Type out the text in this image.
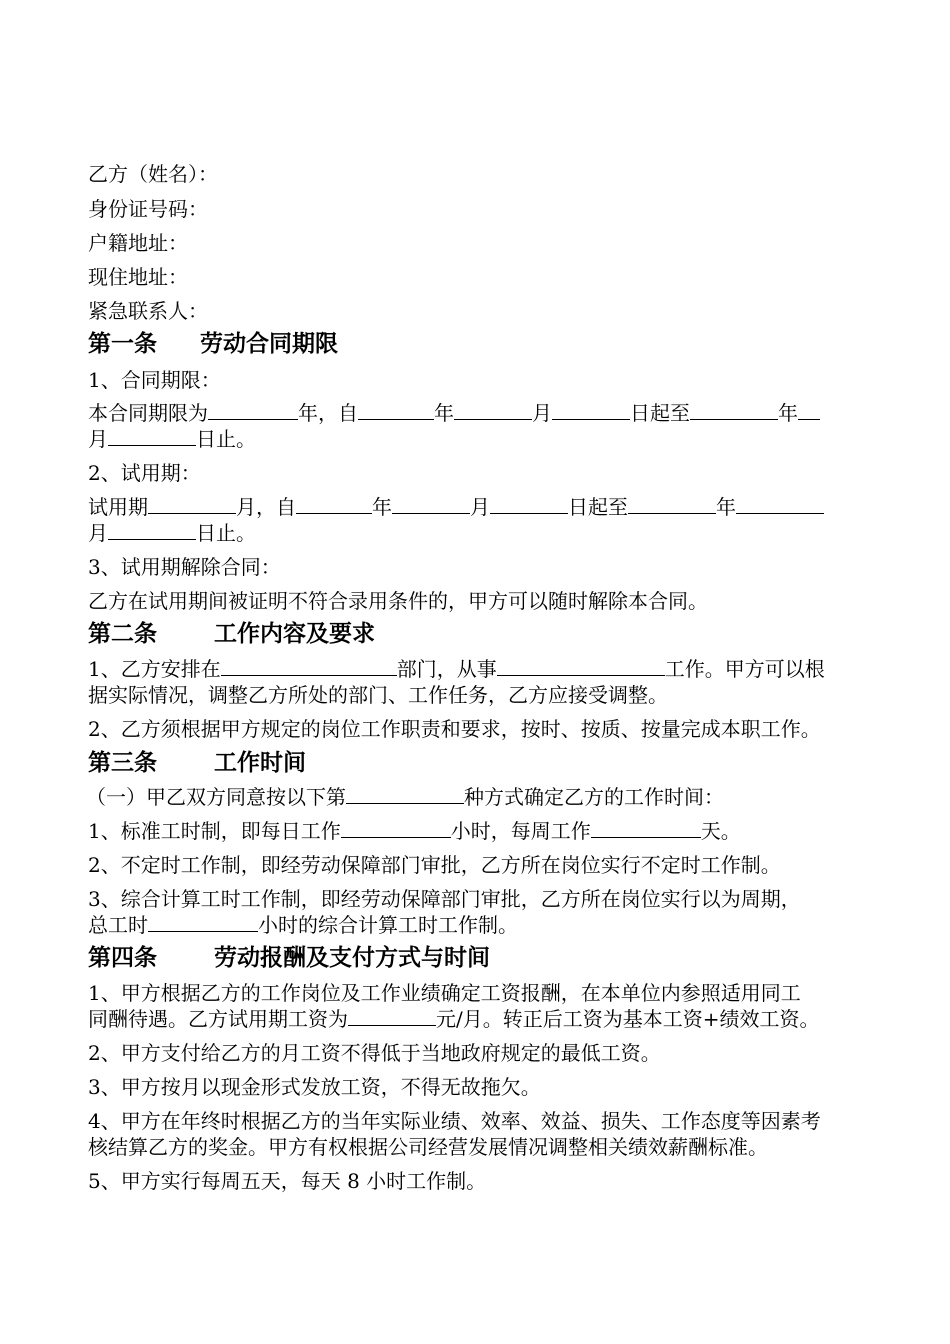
乙方（姓名）：
身份证号码：
户籍地址：
现住地址：
紧急联系人：
第一条 劳动合同期限
1、合同期限：
本合同期限为	年，自	年	月	日起至	年
月	日止。
2、试用期：
试用期	月，自	年	月	日起至	年
月	日止。
3、试用期解除合同：
乙方在试用期间被证明不符合录用条件的，甲方可以随时解除本合同。
第二条 工作内容及要求
1、乙方安排在	部门，从事	工作。甲方可以根
据实际情况，调整乙方所处的部门、工作任务，乙方应接受调整。
2、乙方须根据甲方规定的岗位工作职责和要求，按时、按质、按量完成本职工作。
第三条 工作时间
（一）甲乙双方同意按以下第	种方式确定乙方的工作时间：
1、标准工时制，即每日工作	小时，每周工作	天。
2、不定时工作制，即经劳动保障部门审批，乙方所在岗位实行不定时工作制。
3、综合计算工时工作制，即经劳动保障部门审批，乙方所在岗位实行以为周期，
总工时	小时的综合计算工时工作制。
第四条 劳动报酬及支付方式与时间
1、甲方根据乙方的工作岗位及工作业绩确定工资报酬，在本单位内参照适用同工
同酬待遇。乙方试用期工资为	元/月。转正后工资为基本工资+绩效工资。
2、甲方支付给乙方的月工资不得低于当地政府规定的最低工资。
3、甲方按月以现金形式发放工资，不得无故拖欠。
4、甲方在年终时根据乙方的当年实际业绩、效率、效益、损失、工作态度等因素考
核结算乙方的奖金。甲方有权根据公司经营发展情况调整相关绩效薪酬标准。
5、甲方实行每周五天，每天 8 小时工作制。
